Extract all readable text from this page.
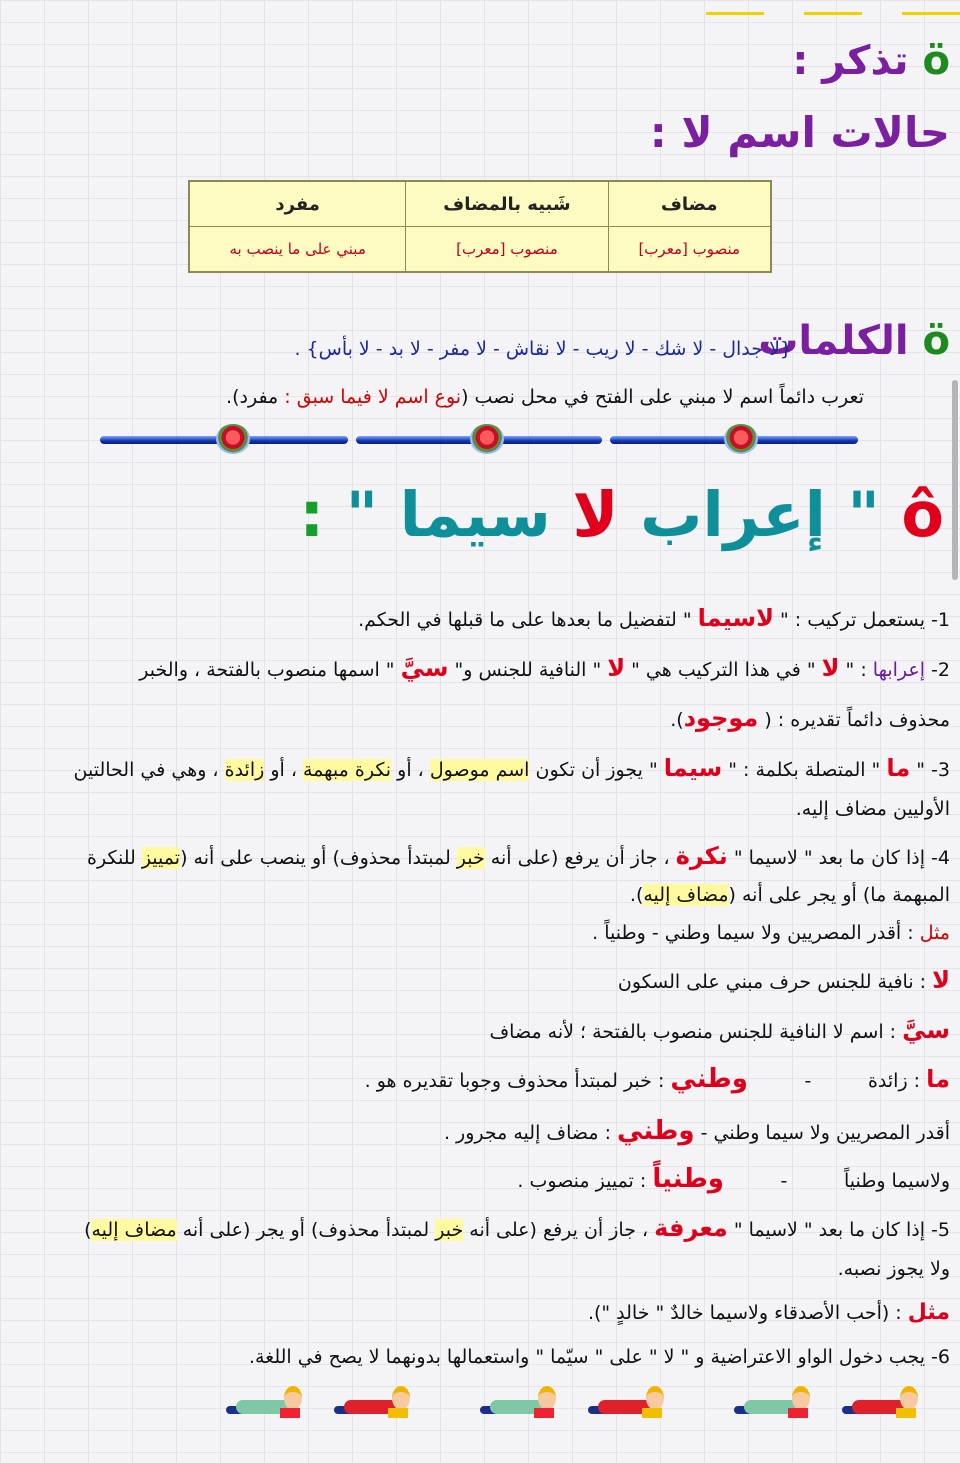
ö تذكر :
حالات اسم لا :
مضاف	شَبيه بالمضاف	مفرد
منصوب [معرب]	منصوب [معرب]	مبني على ما ينصب به
ö الكلمات
{لا جدال - لا شك - لا ريب - لا نقاش - لا مفر - لا بد - لا بأس} .
تعرب دائماً اسم لا مبني على الفتح في محل نصب (نوع اسم لا فيما سبق : مفرد).
ô " إعراب لا سيما " :
1- يستعمل تركيب : " لاسيما " لتفضيل ما بعدها على ما قبلها في الحكم.
2- إعرابها : " لا " في هذا التركيب هي " لا " النافية للجنس و" سيَّ " اسمها منصوب بالفتحة ، والخبر
محذوف دائماً تقديره : ( موجود).
3- " ما " المتصلة بكلمة : " سيما " يجوز أن تكون اسم موصول ، أو نكرة مبهمة ، أو زائدة ، وهي في الحالتين
الأوليين مضاف إليه.
4- إذا كان ما بعد " لاسيما " نكرة ، جاز أن يرفع (على أنه خبر لمبتدأ محذوف) أو ينصب على أنه (تمييز للنكرة
المبهمة ما) أو يجر على أنه (مضاف إليه).
مثل : أقدر المصريين ولا سيما وطني - وطنياً .
لا : نافية للجنس حرف مبني على السكون
سيَّ : اسم لا النافية للجنس منصوب بالفتحة ؛ لأنه مضاف
ما : زائدة-وطني : خبر لمبتدأ محذوف وجوبا تقديره هو .
أقدر المصريين ولا سيما وطني - وطني : مضاف إليه مجرور .
ولاسيما وطنياً-وطنياً : تمييز منصوب .
5- إذا كان ما بعد " لاسيما " معرفة ، جاز أن يرفع (على أنه خبر لمبتدأ محذوف) أو يجر (على أنه مضاف إليه)
ولا يجوز نصبه.
مثل : (أحب الأصدقاء ولاسيما خالدٌ " خالدٍ ").
6- يجب دخول الواو الاعتراضية و " لا " على " سيّما " واستعمالها بدونهما لا يصح في اللغة.
